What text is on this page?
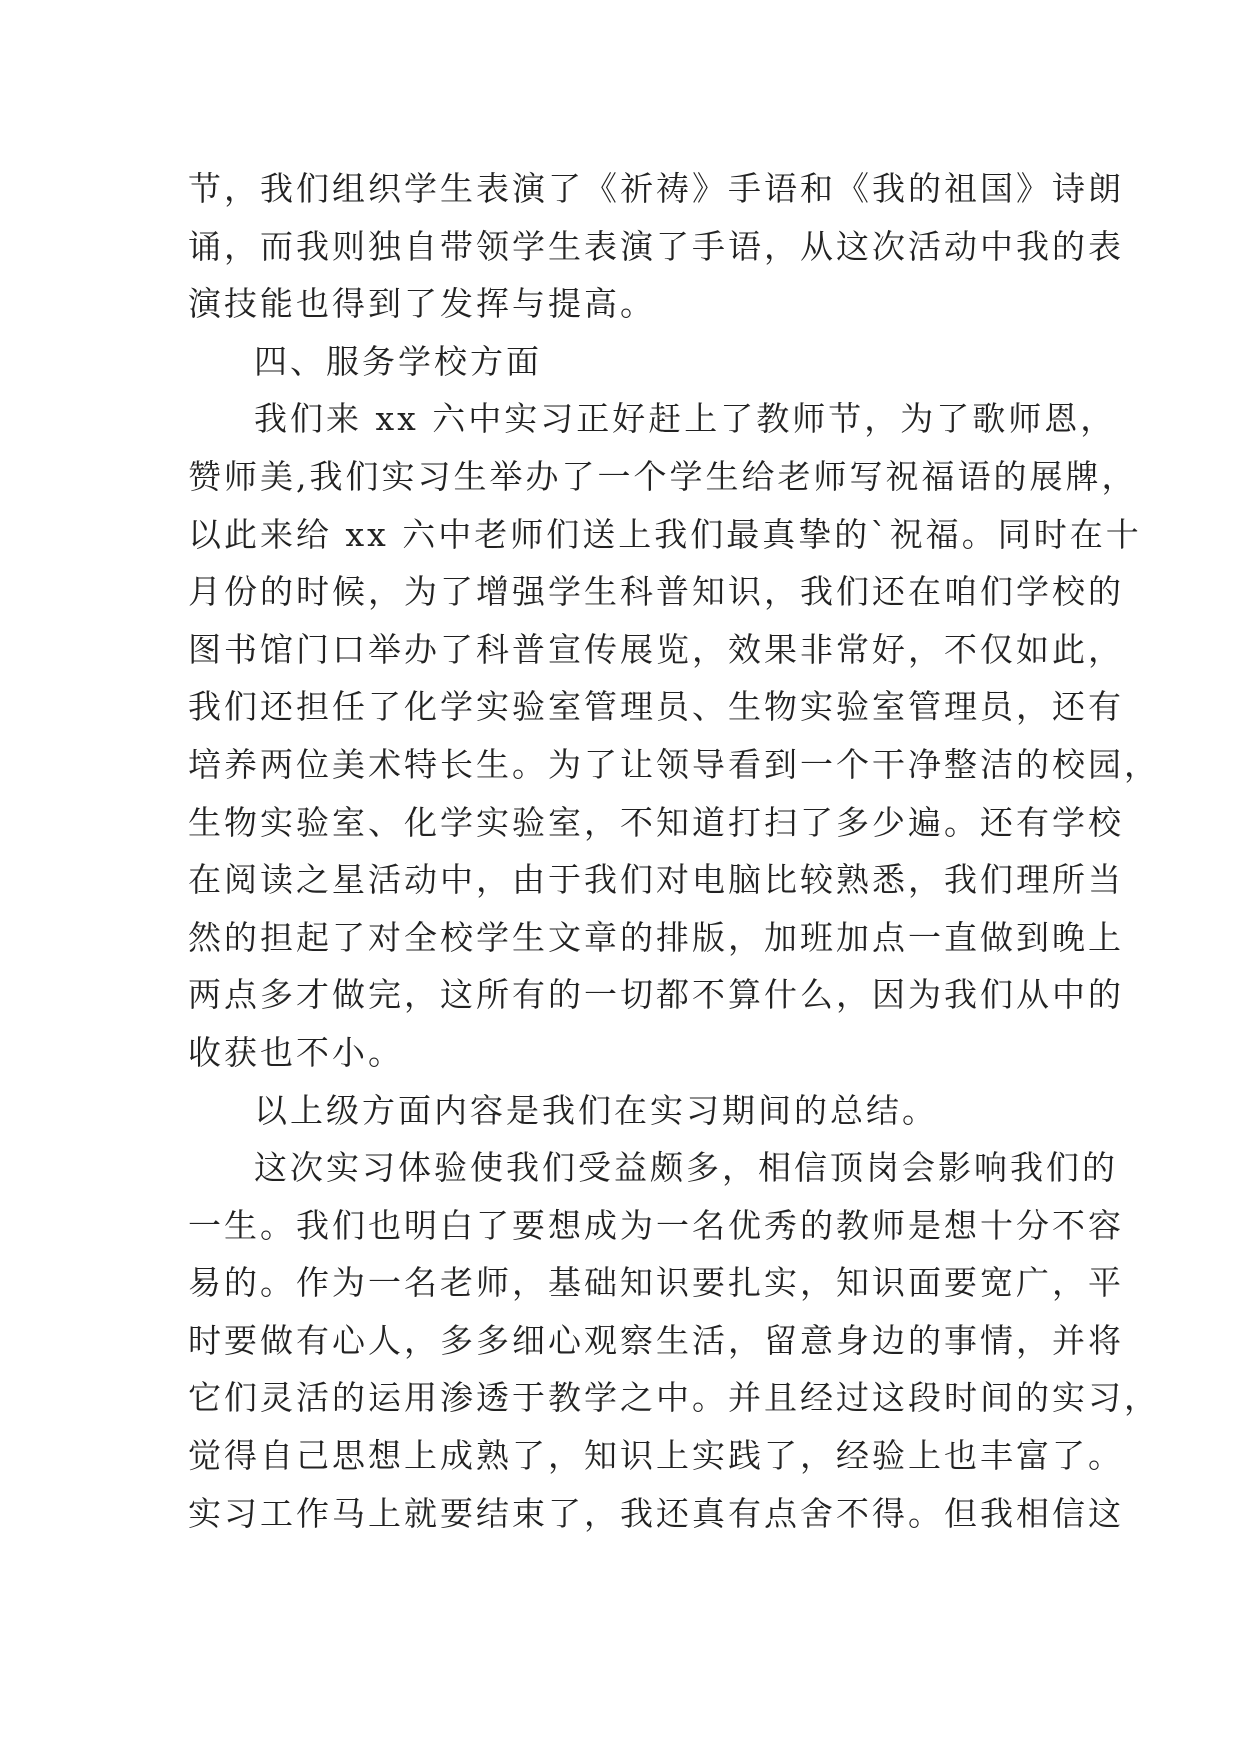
节，我们组织学生表演了《祈祷》手语和《我的祖国》诗朗
诵，而我则独自带领学生表演了手语，从这次活动中我的表
演技能也得到了发挥与提高。
四、服务学校方面
我们来 xx 六中实习正好赶上了教师节，为了歌师恩，
赞师美,我们实习生举办了一个学生给老师写祝福语的展牌，
以此来给 xx 六中老师们送上我们最真挚的`祝福。同时在十
月份的时候，为了增强学生科普知识，我们还在咱们学校的
图书馆门口举办了科普宣传展览，效果非常好，不仅如此，
我们还担任了化学实验室管理员、生物实验室管理员，还有
培养两位美术特长生。为了让领导看到一个干净整洁的校园，
生物实验室、化学实验室，不知道打扫了多少遍。还有学校
在阅读之星活动中，由于我们对电脑比较熟悉，我们理所当
然的担起了对全校学生文章的排版，加班加点一直做到晚上
两点多才做完，这所有的一切都不算什么，因为我们从中的
收获也不小。
以上级方面内容是我们在实习期间的总结。
这次实习体验使我们受益颇多，相信顶岗会影响我们的
一生。我们也明白了要想成为一名优秀的教师是想十分不容
易的。作为一名老师，基础知识要扎实，知识面要宽广，平
时要做有心人，多多细心观察生活，留意身边的事情，并将
它们灵活的运用渗透于教学之中。并且经过这段时间的实习，
觉得自己思想上成熟了，知识上实践了，经验上也丰富了。
实习工作马上就要结束了，我还真有点舍不得。但我相信这
